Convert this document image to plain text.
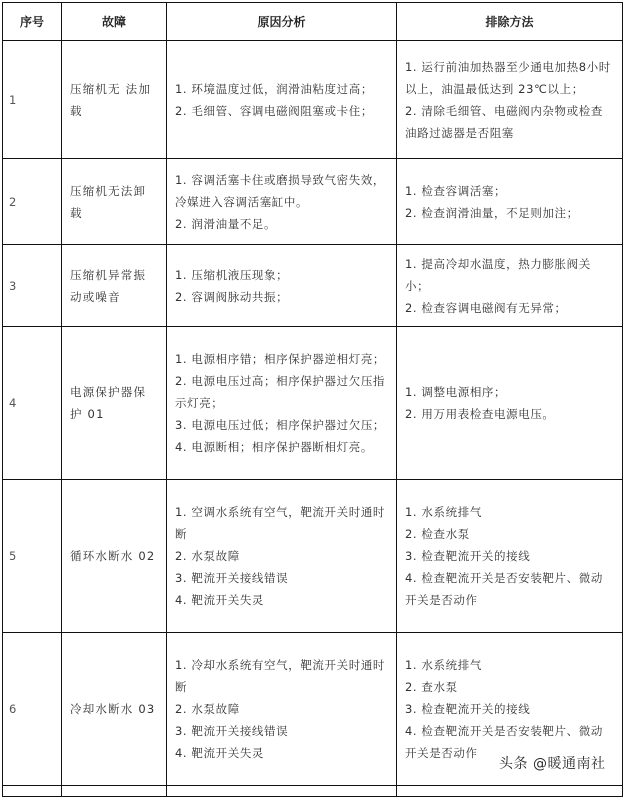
序号	故障	原因分析	排除方法
1	压缩机无 法加载	1. 环境温度过低，润滑油粘度过高；
2. 毛细管、容调电磁阀阻塞或卡住；	1. 运行前油加热器至少通电加热8小时以上，油温最低达到 23℃以上；
2. 清除毛细管、电磁阀内杂物或检查油路过滤器是否阻塞

2	压缩机无法卸载	1. 容调活塞卡住或磨损导致气密失效，冷媒进入容调活塞缸中。
2. 润滑油量不足。	1. 检查容调活塞；
2. 检查润滑油量，不足则加注；

3	压缩机异常振动或噪音	1. 压缩机液压现象；
2. 容调阀脉动共振；	1. 提高冷却水温度，热力膨胀阀关小；
2. 检查容调电磁阀有无异常；

4	电源保护器保护 01	1. 电源相序错；相序保护器逆相灯亮；
2. 电源电压过高；相序保护器过欠压指示灯亮；
3. 电源电压过低；相序保护器过欠压；
4. 电源断相；相序保护器断相灯亮。	1. 调整电源相序；
2. 用万用表检查电源电压。

5	循环水断水 02	1. 空调水系统有空气，靶流开关时通时断
2. 水泵故障
3. 靶流开关接线错误
4. 靶流开关失灵	1. 水系统排气
2. 检查水泵
3. 检查靶流开关的接线
4. 检查靶流开关是否安装靶片、微动开关是否动作

6	冷却水断水 03	1. 冷却水系统有空气，靶流开关时通时断
2. 水泵故障
3. 靶流开关接线错误
4. 靶流开关失灵	1. 水系统排气
2. 查水泵
3. 检查靶流开关的接线
4. 检查靶流开关是否安装靶片、微动开关是否动作

头条 @暖通南社
